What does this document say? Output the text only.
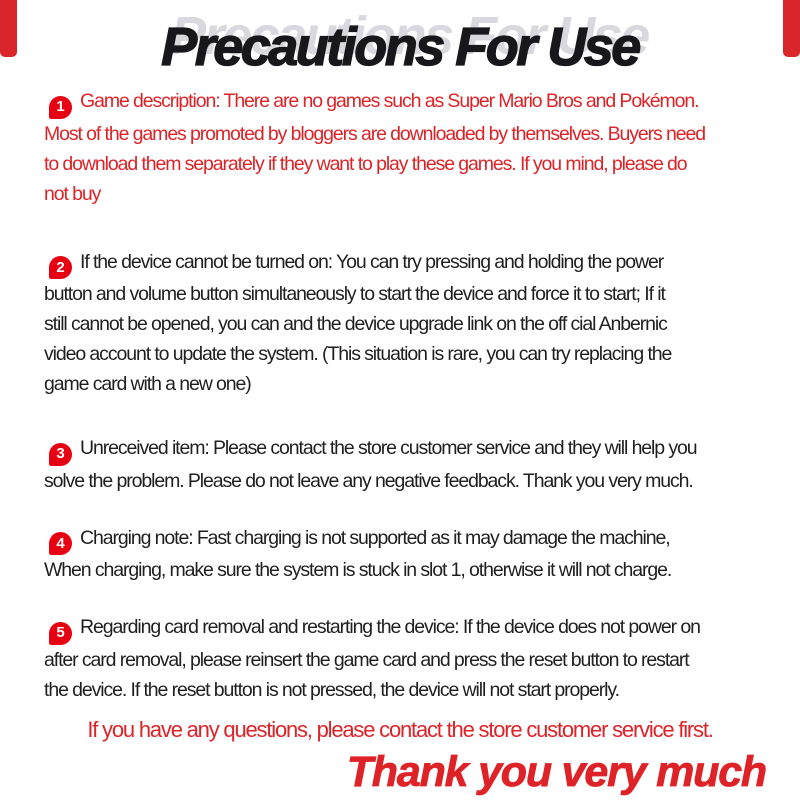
Precautions For Use
1 Game description: There are no games such as Super Mario Bros and Pokémon.
Most of the games promoted by bloggers are downloaded by themselves. Buyers need
to download them separately if they want to play these games. If you mind, please do
not buy
2 If the device cannot be turned on: You can try pressing and holding the power
button and volume button simultaneously to start the device and force it to start; If it
still cannot be opened, you can and the device upgrade link on the off cial Anbernic
video account to update the system. (This situation is rare, you can try replacing the
game card with a new one)
3 Unreceived item: Please contact the store customer service and they will help you
solve the problem. Please do not leave any negative feedback. Thank you very much.
4 Charging note: Fast charging is not supported as it may damage the machine,
When charging, make sure the system is stuck in slot 1, otherwise it will not charge.
5 Regarding card removal and restarting the device: If the device does not power on
after card removal, please reinsert the game card and press the reset button to restart
the device. If the reset button is not pressed, the device will not start properly.
If you have any questions, please contact the store customer service first.
Thank you very much
